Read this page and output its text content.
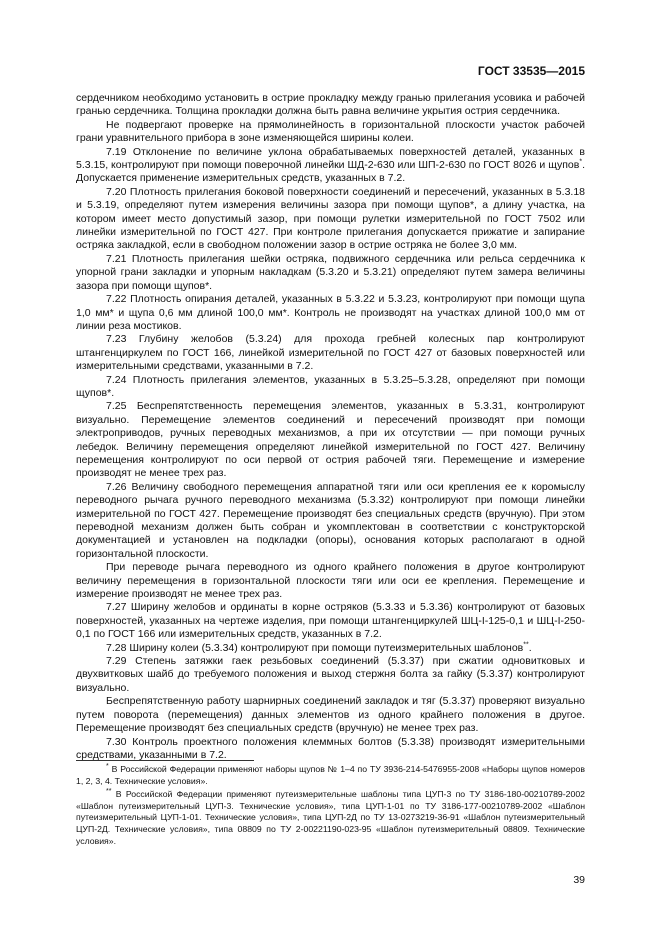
ГОСТ 33535—2015

сердечником необходимо установить в острие прокладку между гранью прилегания усовика и рабочей гранью сердечника. Толщина прокладки должна быть равна величине укрытия острия сердечника.

Не подвергают проверке на прямолинейность в горизонтальной плоскости участок рабочей грани уравнительного прибора в зоне изменяющейся ширины колеи.

7.19 Отклонение по величине уклона обрабатываемых поверхностей деталей, указанных в 5.3.15, контролируют при помощи поверочной линейки ШД-2-630 или ШП-2-630 по ГОСТ 8026 и щупов*. Допускается применение измерительных средств, указанных в 7.2.

7.20 Плотность прилегания боковой поверхности соединений и пересечений, указанных в 5.3.18 и 5.3.19, определяют путем измерения величины зазора при помощи щупов*, а длину участка, на котором имеет место допустимый зазор, при помощи рулетки измерительной по ГОСТ 7502 или линейки измерительной по ГОСТ 427. При контроле прилегания допускается прижатие и запирание остряка закладкой, если в свободном положении зазор в острие остряка не более 3,0 мм.

7.21 Плотность прилегания шейки остряка, подвижного сердечника или рельса сердечника к упорной грани закладки и упорным накладкам (5.3.20 и 5.3.21) определяют путем замера величины зазора при помощи щупов*.

7.22 Плотность опирания деталей, указанных в 5.3.22 и 5.3.23, контролируют при помощи щупа 1,0 мм* и щупа 0,6 мм длиной 100,0 мм*. Контроль не производят на участках длиной 100,0 мм от линии реза мостиков.

7.23 Глубину желобов (5.3.24) для прохода гребней колесных пар контролируют штангенциркулем по ГОСТ 166, линейкой измерительной по ГОСТ 427 от базовых поверхностей или измерительными средствами, указанными в 7.2.

7.24 Плотность прилегания элементов, указанных в 5.3.25–5.3.28, определяют при помощи щупов*.

7.25 Беспрепятственность перемещения элементов, указанных в 5.3.31, контролируют визуально. Перемещение элементов соединений и пересечений производят при помощи электроприводов, ручных переводных механизмов, а при их отсутствии — при помощи ручных лебедок. Величину перемещения определяют линейкой измерительной по ГОСТ 427. Величину перемещения контролируют по оси первой от острия рабочей тяги. Перемещение и измерение производят не менее трех раз.

7.26 Величину свободного перемещения аппаратной тяги или оси крепления ее к коромыслу переводного рычага ручного переводного механизма (5.3.32) контролируют при помощи линейки измерительной по ГОСТ 427. Перемещение производят без специальных средств (вручную). При этом переводной механизм должен быть собран и укомплектован в соответствии с конструкторской документацией и установлен на подкладки (опоры), основания которых располагают в одной горизонтальной плоскости.

При переводе рычага переводного из одного крайнего положения в другое контролируют величину перемещения в горизонтальной плоскости тяги или оси ее крепления. Перемещение и измерение производят не менее трех раз.

7.27 Ширину желобов и ординаты в корне остряков (5.3.33 и 5.3.36) контролируют от базовых поверхностей, указанных на чертеже изделия, при помощи штангенциркулей ШЦ-I-125-0,1 и ШЦ-I-250-0,1 по ГОСТ 166 или измерительных средств, указанных в 7.2.

7.28 Ширину колеи (5.3.34) контролируют при помощи путеизмерительных шаблонов**.

7.29 Степень затяжки гаек резьбовых соединений (5.3.37) при сжатии одновитковых и двухвитковых шайб до требуемого положения и выход стержня болта за гайку (5.3.37) контролируют визуально.

Беспрепятственную работу шарнирных соединений закладок и тяг (5.3.37) проверяют визуально путем поворота (перемещения) данных элементов из одного крайнего положения в другое. Перемещение производят без специальных средств (вручную) не менее трех раз.

7.30 Контроль проектного положения клеммных болтов (5.3.38) производят измерительными средствами, указанными в 7.2.

* В Российской Федерации применяют наборы щупов № 1–4 по ТУ 3936-214-5476955-2008 «Наборы щупов номеров 1, 2, 3, 4. Технические условия».

** В Российской Федерации применяют путеизмерительные шаблоны типа ЦУП-3 по ТУ 3186-180-00210789-2002 «Шаблон путеизмерительный ЦУП-3. Технические условия», типа ЦУП-1-01 по ТУ 3186-177-00210789-2002 «Шаблон путеизмерительный ЦУП-1-01. Технические условия», типа ЦУП-2Д по ТУ 13-0273219-36-91 «Шаблон путеизмерительный ЦУП-2Д. Технические условия», типа 08809 по ТУ 2-00221190-023-95 «Шаблон путеизмерительный 08809. Технические условия».

39
